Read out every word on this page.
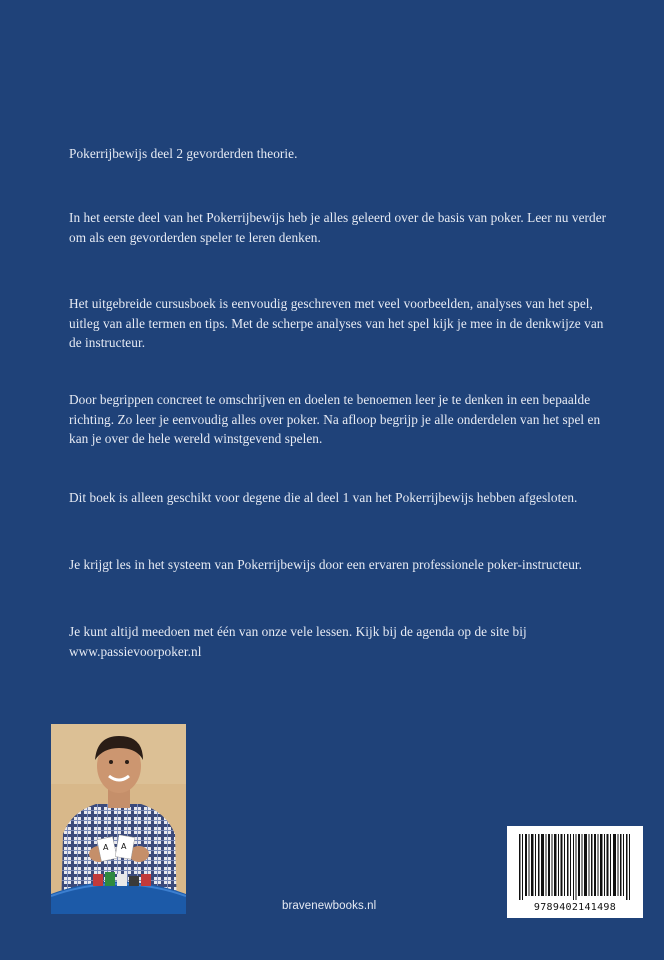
Pokerrijbewijs deel 2 gevorderden theorie.
In het eerste deel van het Pokerrijbewijs heb je alles geleerd over de basis van poker. Leer nu verder om als een gevorderden speler te leren denken.
Het uitgebreide cursusboek is eenvoudig geschreven met veel voorbeelden, analyses van het spel, uitleg van alle termen en tips. Met de scherpe analyses van het spel kijk je mee in de denkwijze van de instructeur.
Door begrippen concreet te omschrijven en doelen te benoemen leer je te denken in een bepaalde richting. Zo leer je eenvoudig alles over poker. Na afloop begrijp je alle onderdelen van het spel en kan je over de hele wereld winstgevend spelen.
Dit boek is alleen geschikt voor degene die al deel 1 van het Pokerrijbewijs hebben afgesloten.
Je krijgt les in het systeem van Pokerrijbewijs door een ervaren professionele poker-instructeur.
Je kunt altijd meedoen met één van onze vele lessen. Kijk bij de agenda op de site bij
www.passievoorpoker.nl
A A
bravenewbooks.nl	9789402141498
